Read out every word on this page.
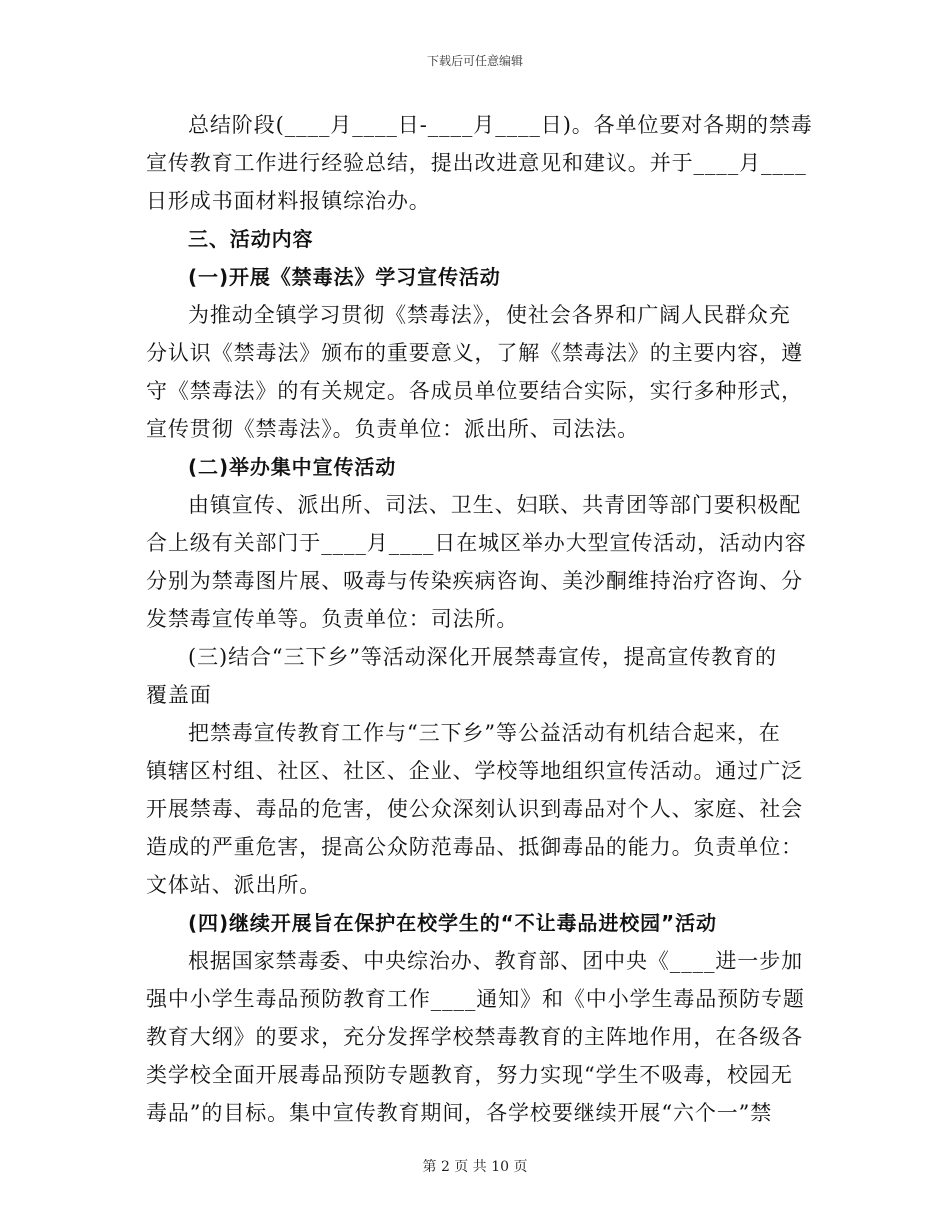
下载后可任意编辑
总结阶段(____月____日-____月____日)。各单位要对各期的禁毒
宣传教育工作进行经验总结，提出改进意见和建议。并于____月____
日形成书面材料报镇综治办。
三、活动内容
(一)开展《禁毒法》学习宣传活动
为推动全镇学习贯彻《禁毒法》，使社会各界和广阔人民群众充
分认识《禁毒法》颁布的重要意义，了解《禁毒法》的主要内容，遵
守《禁毒法》的有关规定。各成员单位要结合实际，实行多种形式，
宣传贯彻《禁毒法》。负责单位：派出所、司法法。
(二)举办集中宣传活动
由镇宣传、派出所、司法、卫生、妇联、共青团等部门要积极配
合上级有关部门于____月____日在城区举办大型宣传活动，活动内容
分别为禁毒图片展、吸毒与传染疾病咨询、美沙酮维持治疗咨询、分
发禁毒宣传单等。负责单位：司法所。
(三)结合“三下乡”等活动深化开展禁毒宣传，提高宣传教育的
覆盖面
把禁毒宣传教育工作与“三下乡”等公益活动有机结合起来，在
镇辖区村组、社区、社区、企业、学校等地组织宣传活动。通过广泛
开展禁毒、毒品的危害，使公众深刻认识到毒品对个人、家庭、社会
造成的严重危害，提高公众防范毒品、抵御毒品的能力。负责单位：
文体站、派出所。
(四)继续开展旨在保护在校学生的“不让毒品进校园”活动
根据国家禁毒委、中央综治办、教育部、团中央《____进一步加
强中小学生毒品预防教育工作____通知》和《中小学生毒品预防专题
教育大纲》的要求，充分发挥学校禁毒教育的主阵地作用，在各级各
类学校全面开展毒品预防专题教育，努力实现“学生不吸毒，校园无
毒品”的目标。集中宣传教育期间，各学校要继续开展“六个一”禁
第 2 页 共 10 页
